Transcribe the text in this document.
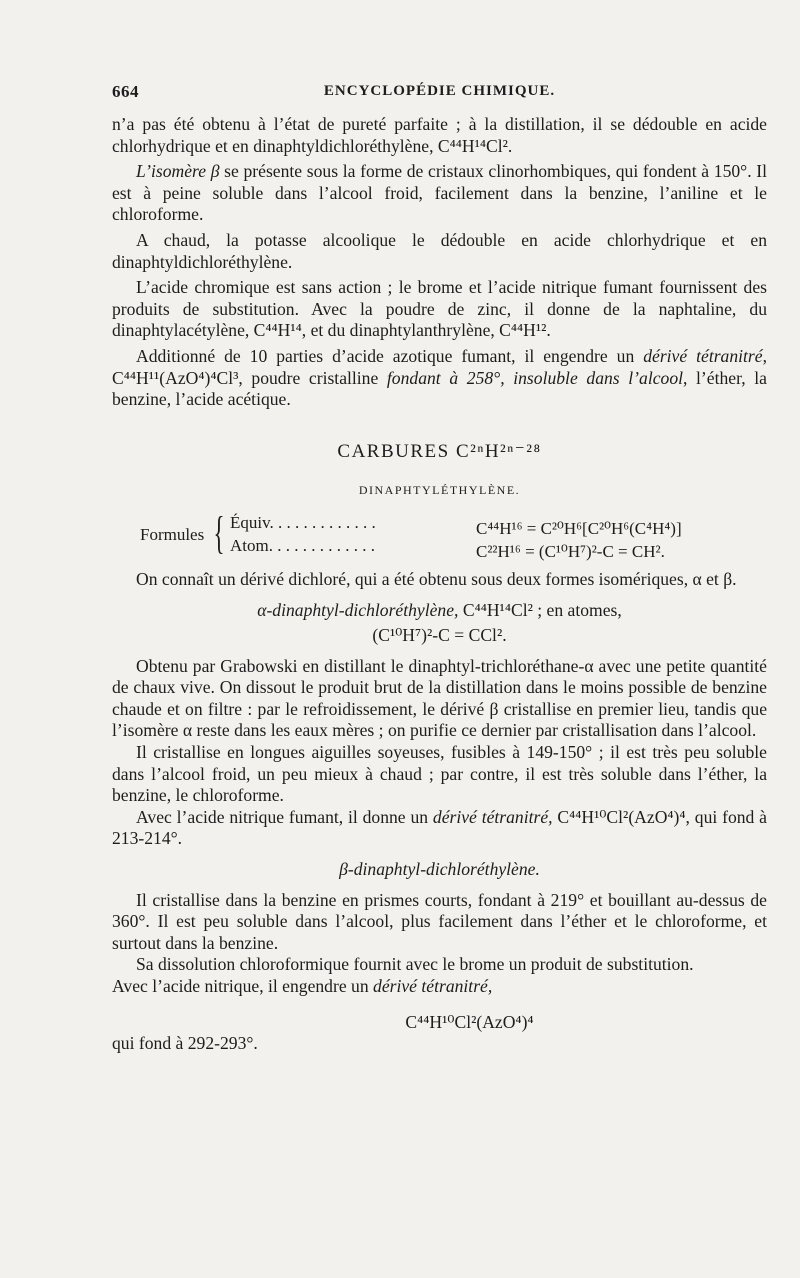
664	ENCYCLOPÉDIE CHIMIQUE.

n’a pas été obtenu à l’état de pureté parfaite ; à la distillation, il se dédouble en acide chlorhydrique et en dinaphtyldichloréthylène, C⁴⁴H¹⁴Cl².

L’isomère β se présente sous la forme de cristaux clinorhombiques, qui fondent à 150°. Il est à peine soluble dans l’alcool froid, facilement dans la benzine, l’aniline et le chloroforme.

A chaud, la potasse alcoolique le dédouble en acide chlorhydrique et en dinaphtyldichloréthylène.

L’acide chromique est sans action ; le brome et l’acide nitrique fumant fournissent des produits de substitution. Avec la poudre de zinc, il donne de la naphtaline, du dinaphtylacétylène, C⁴⁴H¹⁴, et du dinaphtylanthrylène, C⁴⁴H¹².

Additionné de 10 parties d’acide azotique fumant, il engendre un dérivé tétranitré, C⁴⁴H¹¹(AzO⁴)⁴Cl³, poudre cristalline fondant à 258°, insoluble dans l’alcool, l’éther, la benzine, l’acide acétique.

CARBURES C²ⁿH²ⁿ⁻²⁸

DINAPHTYLÉTHYLÈNE.

Formules { Équiv. . . . . . . . . . . . .	C⁴⁴H¹⁶ = C²⁰H⁶[C²⁰H⁶(C⁴H⁴)]
Atom. . . . . . . . . . . . .	C²²H¹⁶ = (C¹⁰H⁷)²-C = CH².

On connaît un dérivé dichloré, qui a été obtenu sous deux formes isomériques, α et β.

α-dinaphtyl-dichloréthylène, C⁴⁴H¹⁴Cl² ; en atomes,

(C¹⁰H⁷)²-C = CCl².

Obtenu par Grabowski en distillant le dinaphtyl-trichloréthane-α avec une petite quantité de chaux vive. On dissout le produit brut de la distillation dans le moins possible de benzine chaude et on filtre : par le refroidissement, le dérivé β cristallise en premier lieu, tandis que l’isomère α reste dans les eaux mères ; on purifie ce dernier par cristallisation dans l’alcool.

Il cristallise en longues aiguilles soyeuses, fusibles à 149-150° ; il est très peu soluble dans l’alcool froid, un peu mieux à chaud ; par contre, il est très soluble dans l’éther, la benzine, le chloroforme.

Avec l’acide nitrique fumant, il donne un dérivé tétranitré, C⁴⁴H¹⁰Cl²(AzO⁴)⁴, qui fond à 213-214°.

β-dinaphtyl-dichloréthylène.

Il cristallise dans la benzine en prismes courts, fondant à 219° et bouillant au-dessus de 360°. Il est peu soluble dans l’alcool, plus facilement dans l’éther et le chloroforme, et surtout dans la benzine.

Sa dissolution chloroformique fournit avec le brome un produit de substitution.

Avec l’acide nitrique, il engendre un dérivé tétranitré,

C⁴⁴H¹⁰Cl²(AzO⁴)⁴

qui fond à 292-293°.
